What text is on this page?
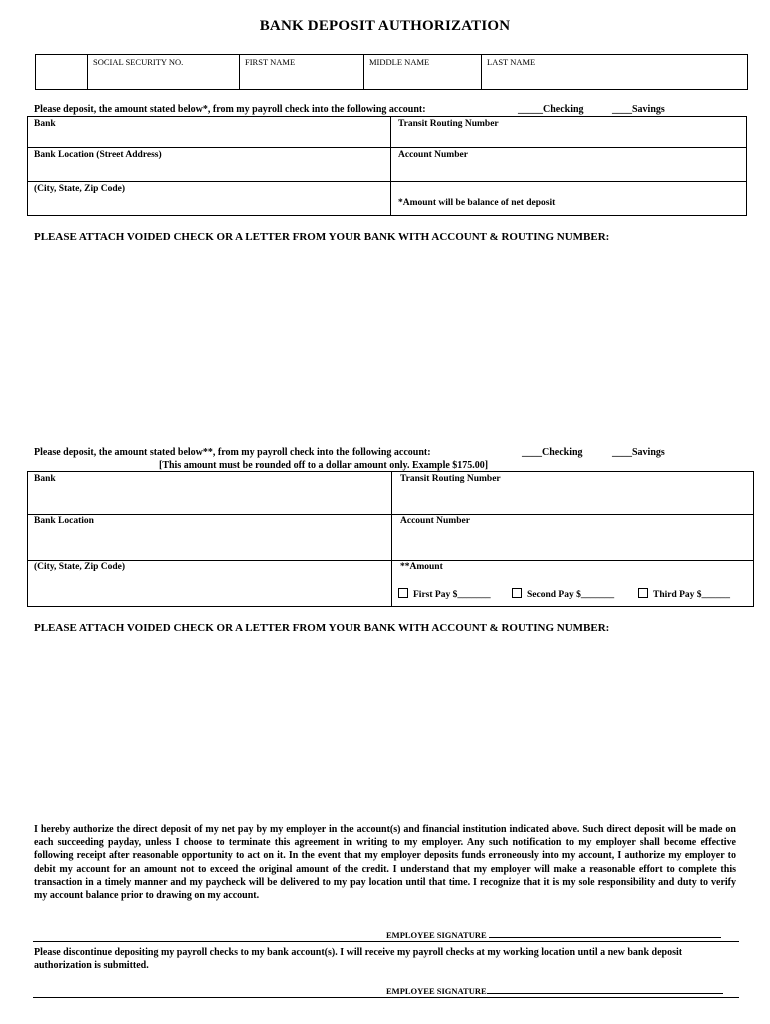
BANK DEPOSIT AUTHORIZATION
SOCIAL SECURITY NO.	FIRST NAME	MIDDLE NAME	LAST NAME
Please deposit, the amount stated below*, from my payroll check into the following account:	_____Checking	____Savings
Bank	Transit Routing Number
Bank Location (Street Address)	Account Number
(City, State, Zip Code)
*Amount will be balance of net deposit
PLEASE ATTACH VOIDED CHECK OR A LETTER FROM YOUR BANK WITH ACCOUNT & ROUTING NUMBER:
Please deposit, the amount stated below**, from my payroll check into the following account:	____Checking	____Savings
[This amount must be rounded off to a dollar amount only. Example $175.00]
Bank	Transit Routing Number
Bank Location	Account Number
(City, State, Zip Code)	**Amount
First Pay $_______	Second Pay $_______	Third Pay $______
PLEASE ATTACH VOIDED CHECK OR A LETTER FROM YOUR BANK WITH ACCOUNT & ROUTING NUMBER:
I hereby authorize the direct deposit of my net pay by my employer in the account(s) and financial institution indicated above. Such direct deposit will be made on each succeeding payday, unless I choose to terminate this agreement in writing to my employer. Any such notification to my employer shall become effective following receipt after reasonable opportunity to act on it. In the event that my employer deposits funds erroneously into my account, I authorize my employer to debit my account for an amount not to exceed the original amount of the credit. I understand that my employer will make a reasonable effort to complete this transaction in a timely manner and my paycheck will be delivered to my pay location until that time. I recognize that it is my sole responsibility and duty to verify my account balance prior to drawing on my account.
EMPLOYEE SIGNATURE
Please discontinue depositing my payroll checks to my bank account(s). I will receive my payroll checks at my working location until a new bank deposit authorization is submitted.
EMPLOYEE SIGNATURE
